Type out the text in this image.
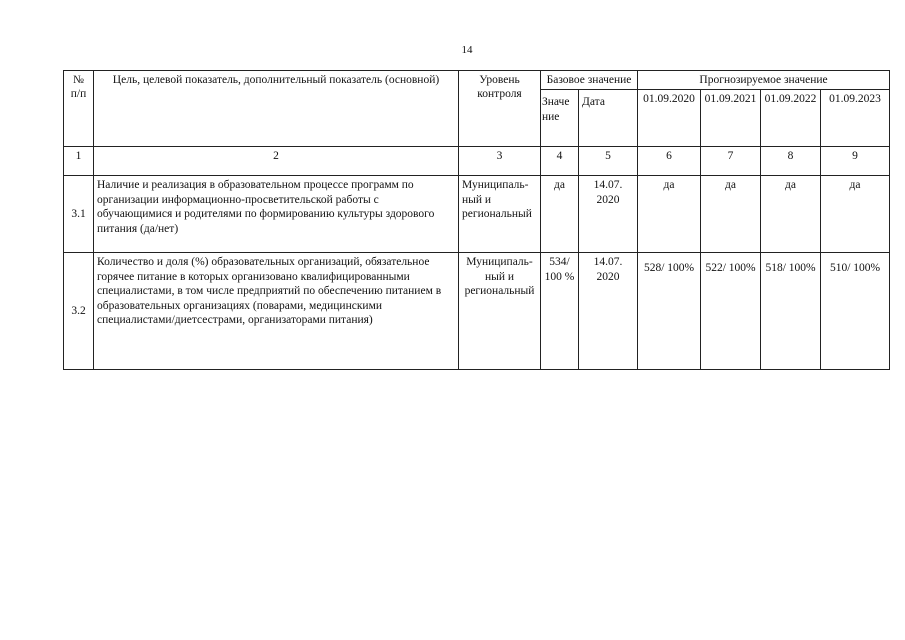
14
№ п/п	Цель, целевой показатель, дополнительный показатель (основной)	Уровень контроля	Базовое значение		Прогнозируемое значение			
			Значе ние	Дата	01.09.2020	01.09.2021	01.09.2022	01.09.2023
1	2	3	4	5	6	7	8	9
3.1	Наличие и реализация в образовательном процессе программ по организации информационно-просветительской работы с обучающимися и родителями по формированию культуры здорового питания (да/нет)	Муниципаль-ный и региональный	да	14.07. 2020	да	да	да	да
3.2	Количество и доля (%) образовательных организаций, обязательное горячее питание в которых организовано квалифицированными специалистами, в том числе предприятий по обеспечению питанием в образовательных организациях (поварами, медицинскими специалистами/диетсестрами, организаторами питания)	Муниципаль-ный и региональный	534/ 100 %	14.07. 2020	528/ 100%	522/ 100%	518/ 100%	510/ 100%
